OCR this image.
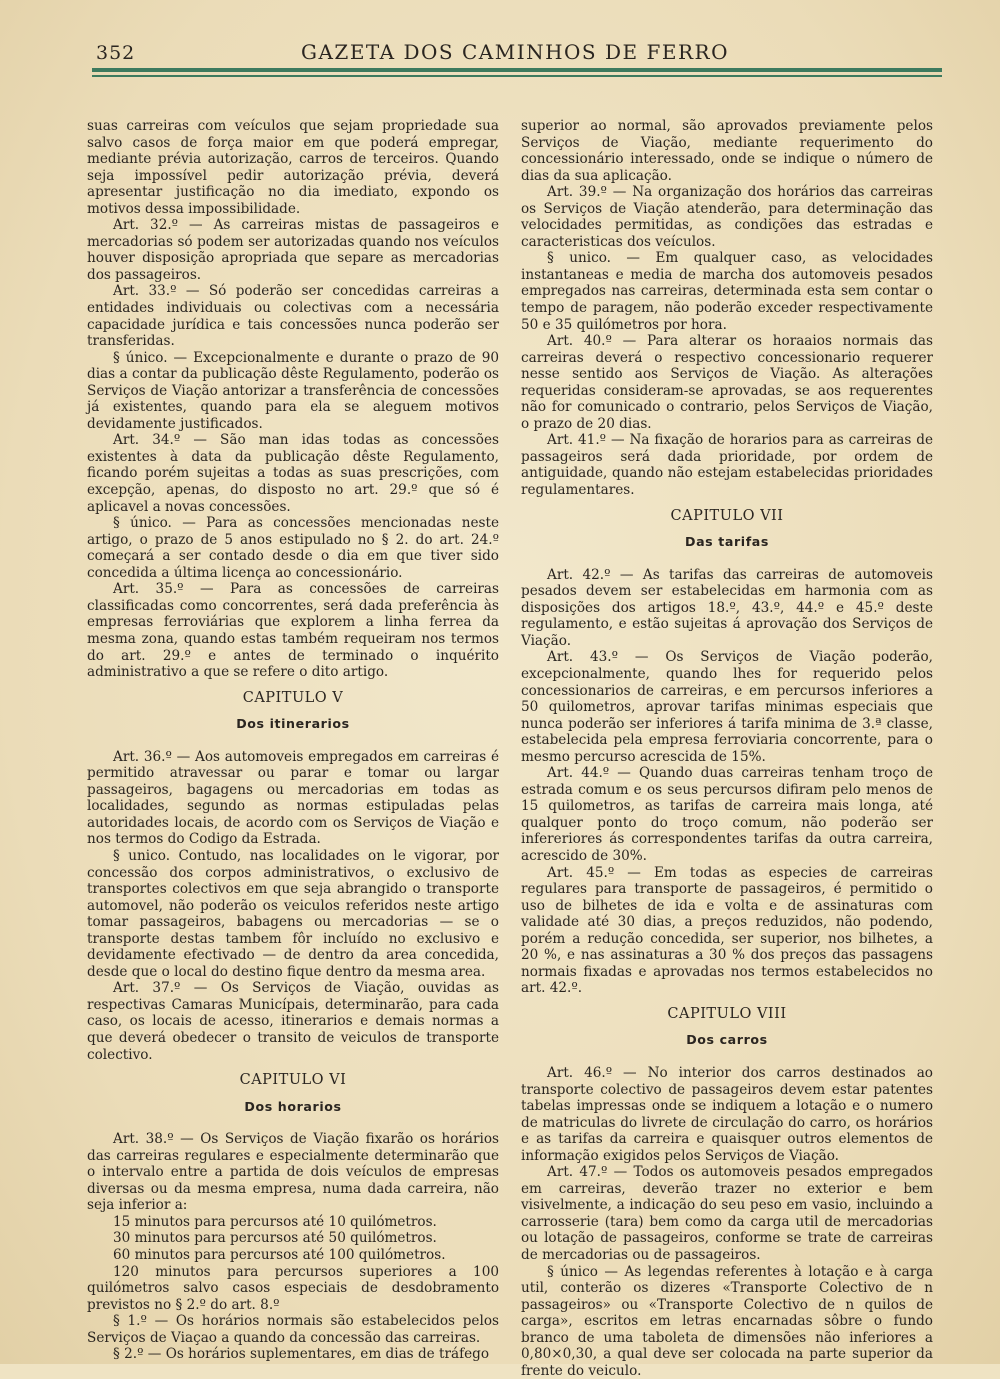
352	GAZETA DOS CAMINHOS DE FERRO
suas carreiras com veículos que sejam propriedade sua salvo casos de força maior em que poderá empregar, mediante prévia autorização, carros de terceiros. Quando seja impossível pedir autorização prévia, deverá apresentar justificação no dia imediato, expondo os motivos dessa impossibilidade.
Art. 32.º — As carreiras mistas de passageiros e mercadorias só podem ser autorizadas quando nos veículos houver disposição apropriada que separe as mercadorias dos passageiros.
Art. 33.º — Só poderão ser concedidas carreiras a entidades individuais ou colectivas com a necessária capacidade jurídica e tais concessões nunca poderão ser transferidas.
§ único. — Excepcionalmente e durante o prazo de 90 dias a contar da publicação dêste Regulamento, poderão os Serviços de Viação antorizar a transferência de concessões já existentes, quando para ela se aleguem motivos devidamente justificados.
Art. 34.º — São man idas todas as concessões existentes à data da publicação dêste Regulamento, ficando porém sujeitas a todas as suas prescrições, com excepção, apenas, do disposto no art. 29.º que só é aplicavel a novas concessões.
§ único. — Para as concessões mencionadas neste artigo, o prazo de 5 anos estipulado no § 2. do art. 24.º começará a ser contado desde o dia em que tiver sido concedida a última licença ao concessionário.
Art. 35.º — Para as concessões de carreiras classificadas como concorrentes, será dada preferência às empresas ferroviárias que explorem a linha ferrea da mesma zona, quando estas também requeiram nos termos do art. 29.º e antes de terminado o inquérito administrativo a que se refere o dito artigo.
CAPITULO V
Dos itinerarios
Art. 36.º — Aos automoveis empregados em carreiras é permitido atravessar ou parar e tomar ou largar passageiros, bagagens ou mercadorias em todas as localidades, segundo as normas estipuladas pelas autoridades locais, de acordo com os Serviços de Viação e nos termos do Codigo da Estrada.
§ unico. Contudo, nas localidades on le vigorar, por concessão dos corpos administrativos, o exclusivo de transportes colectivos em que seja abrangido o transporte automovel, não poderão os veiculos referidos neste artigo tomar passageiros, babagens ou mercadorias — se o transporte destas tambem fôr incluído no exclusivo e devidamente efectivado — de dentro da area concedida, desde que o local do destino fique dentro da mesma area.
Art. 37.º — Os Serviços de Viação, ouvidas as respectivas Camaras Municípais, determinarão, para cada caso, os locais de acesso, itinerarios e demais normas a que deverá obedecer o transito de veiculos de transporte colectivo.
CAPITULO VI
Dos horarios
Art. 38.º — Os Serviços de Viação fixarão os horários das carreiras regulares e especialmente determinarão que o intervalo entre a partida de dois veículos de empresas diversas ou da mesma empresa, numa dada carreira, não seja inferior a:
15 minutos para percursos até 10 quilómetros.
30 minutos para percursos até 50 quilómetros.
60 minutos para percursos até 100 quilómetros.
120 minutos para percursos superiores a 100 quilómetros salvo casos especiais de desdobramento previstos no § 2.º do art. 8.º
§ 1.º — Os horários normais são estabelecidos pelos Serviços de Viaçao a quando da concessão das carreiras.
§ 2.º — Os horários suplementares, em dias de tráfego
superior ao normal, são aprovados previamente pelos Serviços de Viação, mediante requerimento do concessionário interessado, onde se indique o número de dias da sua aplicação.
Art. 39.º — Na organização dos horários das carreiras os Serviços de Viação atenderão, para determinação das velocidades permitidas, as condições das estradas e caracteristicas dos veículos.
§ unico. — Em qualquer caso, as velocidades instantaneas e media de marcha dos automoveis pesados empregados nas carreiras, determinada esta sem contar o tempo de paragem, não poderão exceder respectivamente 50 e 35 quilómetros por hora.
Art. 40.º — Para alterar os horaaios normais das carreiras deverá o respectivo concessionario requerer nesse sentido aos Serviços de Viação. As alterações requeridas consideram-se aprovadas, se aos requerentes não for comunicado o contrario, pelos Serviços de Viação, o prazo de 20 dias.
Art. 41.º — Na fixação de horarios para as carreiras de passageiros será dada prioridade, por ordem de antiguidade, quando não estejam estabelecidas prioridades regulamentares.
CAPITULO VII
Das tarifas
Art. 42.º — As tarifas das carreiras de automoveis pesados devem ser estabelecidas em harmonia com as disposições dos artigos 18.º, 43.º, 44.º e 45.º deste regulamento, e estão sujeitas á aprovação dos Serviços de Viação.
Art. 43.º — Os Serviços de Viação poderão, excepcionalmente, quando lhes for requerido pelos concessionarios de carreiras, e em percursos inferiores a 50 quilometros, aprovar tarifas minimas especiais que nunca poderão ser inferiores á tarifa minima de 3.ª classe, estabelecida pela empresa ferroviaria concorrente, para o mesmo percurso acrescida de 15%.
Art. 44.º — Quando duas carreiras tenham troço de estrada comum e os seus percursos difiram pelo menos de 15 quilometros, as tarifas de carreira mais longa, até qualquer ponto do troço comum, não poderão ser infereriores ás correspondentes tarifas da outra carreira, acrescido de 30%.
Art. 45.º — Em todas as especies de carreiras regulares para transporte de passageiros, é permitido o uso de bilhetes de ida e volta e de assinaturas com validade até 30 dias, a preços reduzidos, não podendo, porém a redução concedida, ser superior, nos bilhetes, a 20 %, e nas assinaturas a 30 % dos preços das passagens normais fixadas e aprovadas nos termos estabelecidos no art. 42.º.
CAPITULO VIII
Dos carros
Art. 46.º — No interior dos carros destinados ao transporte colectivo de passageiros devem estar patentes tabelas impressas onde se indiquem a lotação e o numero de matriculas do livrete de circulação do carro, os horários e as tarifas da carreira e quaisquer outros elementos de informação exigidos pelos Serviços de Viação.
Art. 47.º — Todos os automoveis pesados empregados em carreiras, deverão trazer no exterior e bem visivelmente, a indicação do seu peso em vasio, incluindo a carrosserie (tara) bem como da carga util de mercadorias ou lotação de passageiros, conforme se trate de carreiras de mercadorias ou de passageiros.
§ único — As legendas referentes à lotação e à carga util, conterão os dizeres «Transporte Colectivo de n passageiros» ou «Transporte Colectivo de n quilos de carga», escritos em letras encarnadas sôbre o fundo branco de uma taboleta de dimensões não inferiores a 0,80×0,30, a qual deve ser colocada na parte superior da frente do veiculo.
